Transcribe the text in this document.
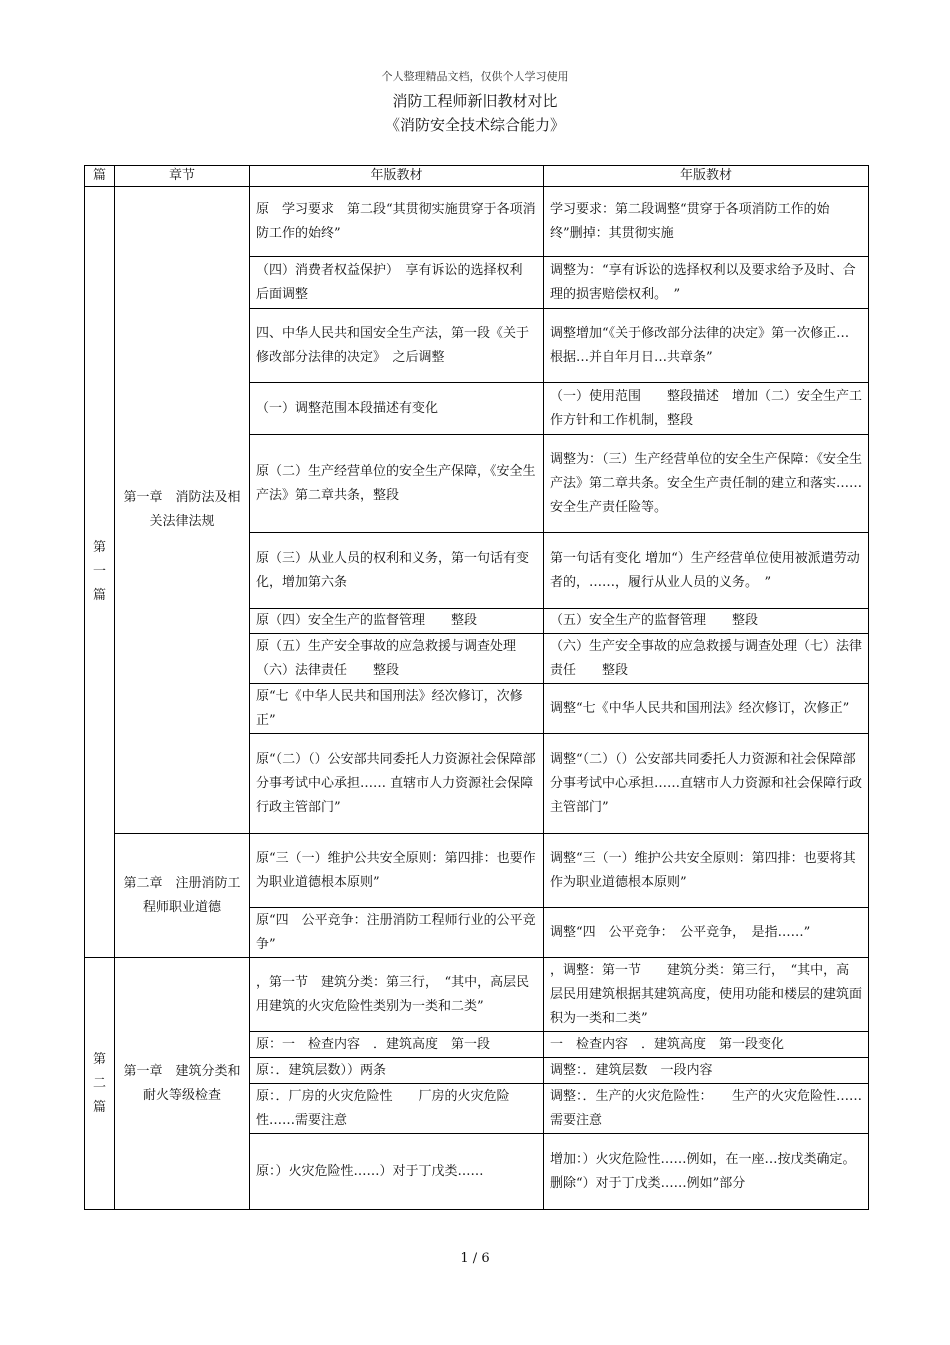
个人整理精品文档，仅供个人学习使用
消防工程师新旧教材对比
《消防安全技术综合能力》
篇	章节	年版教材	年版教材
第一篇	第一章　消防法及相关法律法规	原　学习要求　第二段“其贯彻实施贯穿于各项消防工作的始终”	学习要求：第二段调整“贯穿于各项消防工作的始终”删掉：其贯彻实施
		（四）消费者权益保护）　享有诉讼的选择权利　后面调整	调整为：“享有诉讼的选择权利以及要求给予及时、合理的损害赔偿权利。　”
		四、中华人民共和国安全生产法，第一段《关于修改部分法律的决定》　之后调整	调整增加“《关于修改部分法律的决定》第一次修正…根据…并自年月日…共章条”
		（一）调整范围本段描述有变化	（一）使用范围　　整段描述　增加（二）安全生产工作方针和工作机制，整段
		原（二）生产经营单位的安全生产保障，《安全生产法》第二章共条，整段	调整为：（三）生产经营单位的安全生产保障：《安全生产法》第二章共条。安全生产责任制的建立和落实……安全生产责任险等。
		原（三）从业人员的权利和义务，第一句话有变化，增加第六条	第一句话有变化 增加“）生产经营单位使用被派遣劳动者的，……，履行从业人员的义务。　”
		原（四）安全生产的监督管理　　整段	（五）安全生产的监督管理　　整段
		原（五）生产安全事故的应急救援与调查处理（六）法律责任　　整段	（六）生产安全事故的应急救援与调查处理（七）法律责任　　整段
		原“七《中华人民共和国刑法》经次修订，次修正”	调整“七《中华人民共和国刑法》经次修订，次修正”
		原“（二）（）公安部共同委托人力资源社会保障部分事考试中心承担…… 直辖市人力资源社会保障行政主管部门”	调整“（二）（）公安部共同委托人力资源和社会保障部分事考试中心承担……直辖市人力资源和社会保障行政主管部门”
	第二章　注册消防工程师职业道德	原“三（一）维护公共安全原则：第四排：也要作为职业道德根本原则”	调整“三（一）维护公共安全原则：第四排：也要将其作为职业道德根本原则”
		原“四　公平竞争：注册消防工程师行业的公平竞争”	调整“四　公平竞争：　公平竞争，　是指……”
第二篇	第一章　建筑分类和耐火等级检查	，第一节　建筑分类：第三行，　“其中，高层民用建筑的火灾危险性类别为一类和二类”	，调整：第一节　　建筑分类：第三行，　“其中，高层民用建筑根据其建筑高度，使用功能和楼层的建筑面积为一类和二类”
		原：一　检查内容　．建筑高度　第一段	一　检查内容　．建筑高度　第一段变化
		原：．建筑层数））两条	调整：．建筑层数　一段内容
		原：．厂房的火灾危险性　　厂房的火灾危险性……需要注意	调整：．生产的火灾危险性：　　生产的火灾危险性……需要注意
		原：）火灾危险性……）对于丁戊类……	增加：）火灾危险性……例如，在一座…按戊类确定。删除“）对于丁戊类……例如”部分
1 / 6
